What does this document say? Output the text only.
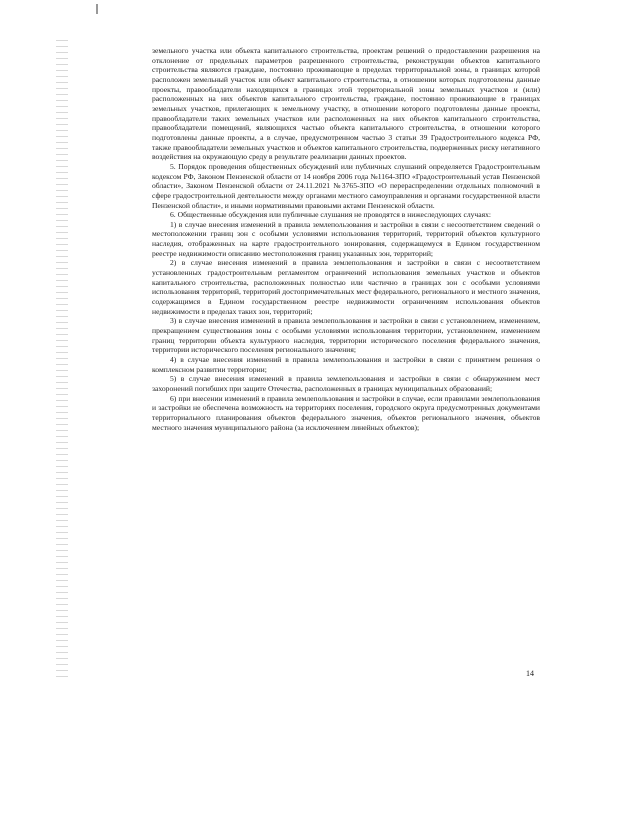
земельного участка или объекта капитального строительства, проектам решений о предоставлении разрешения на отклонение от предельных параметров разрешенного строительства, реконструкции объектов капитального строительства являются граждане, постоянно проживающие в пределах территориальной зоны, в границах которой расположен земельный участок или объект капитального строительства, в отношении которых подготовлены данные проекты, правообладатели находящихся в границах этой территориальной зоны земельных участков и (или) расположенных на них объектов капитального строительства, граждане, постоянно проживающие в границах земельных участков, прилегающих к земельному участку, в отношении которого подготовлены данные проекты, правообладатели таких земельных участков или расположенных на них объектов капитального строительства, правообладатели помещений, являющихся частью объекта капитального строительства, в отношении которого подготовлены данные проекты, а в случае, предусмотренном частью 3 статьи 39 Градостроительного кодекса РФ, также правообладатели земельных участков и объектов капитального строительства, подверженных риску негативного воздействия на окружающую среду в результате реализации данных проектов.

5. Порядок проведения общественных обсуждений или публичных слушаний определяется Градостроительным кодексом РФ, Законом Пензенской области от 14 ноября 2006 года №1164-ЗПО «Градостроительный устав Пензенской области», Законом Пензенской области от 24.11.2021 №3765-ЗПО «О перераспределении отдельных полномочий в сфере градостроительной деятельности между органами местного самоуправления и органами государственной власти Пензенской области», и иными нормативными правовыми актами Пензенской области.

6. Общественные обсуждения или публичные слушания не проводятся в нижеследующих случаях:

1) в случае внесения изменений в правила землепользования и застройки в связи с несоответствием сведений о местоположении границ зон с особыми условиями использования территорий, территорий объектов культурного наследия, отображенных на карте градостроительного зонирования, содержащемуся в Едином государственном реестре недвижимости описанию местоположения границ указанных зон, территорий;

2) в случае внесения изменений в правила землепользования и застройки в связи с несоответствием установленных градостроительным регламентом ограничений использования земельных участков и объектов капитального строительства, расположенных полностью или частично в границах зон с особыми условиями использования территорий, территорий достопримечательных мест федерального, регионального и местного значения, содержащимся в Едином государственном реестре недвижимости ограничениям использования объектов недвижимости в пределах таких зон, территорий;

3) в случае внесения изменений в правила землепользования и застройки в связи с установлением, изменением, прекращением существования зоны с особыми условиями использования территории, установлением, изменением границ территории объекта культурного наследия, территории исторического поселения федерального значения, территории исторического поселения регионального значения;

4) в случае внесения изменений в правила землепользования и застройки в связи с принятием решения о комплексном развитии территории;

5) в случае внесения изменений в правила землепользования и застройки в связи с обнаружением мест захоронений погибших при защите Отечества, расположенных в границах муниципальных образований;

6) при внесении изменений в правила землепользования и застройки в случае, если правилами землепользования и застройки не обеспечена возможность на территориях поселения, городского округа предусмотренных документами территориального планирования объектов федерального значения, объектов регионального значения, объектов местного значения муниципального района (за исключением линейных объектов);

14
